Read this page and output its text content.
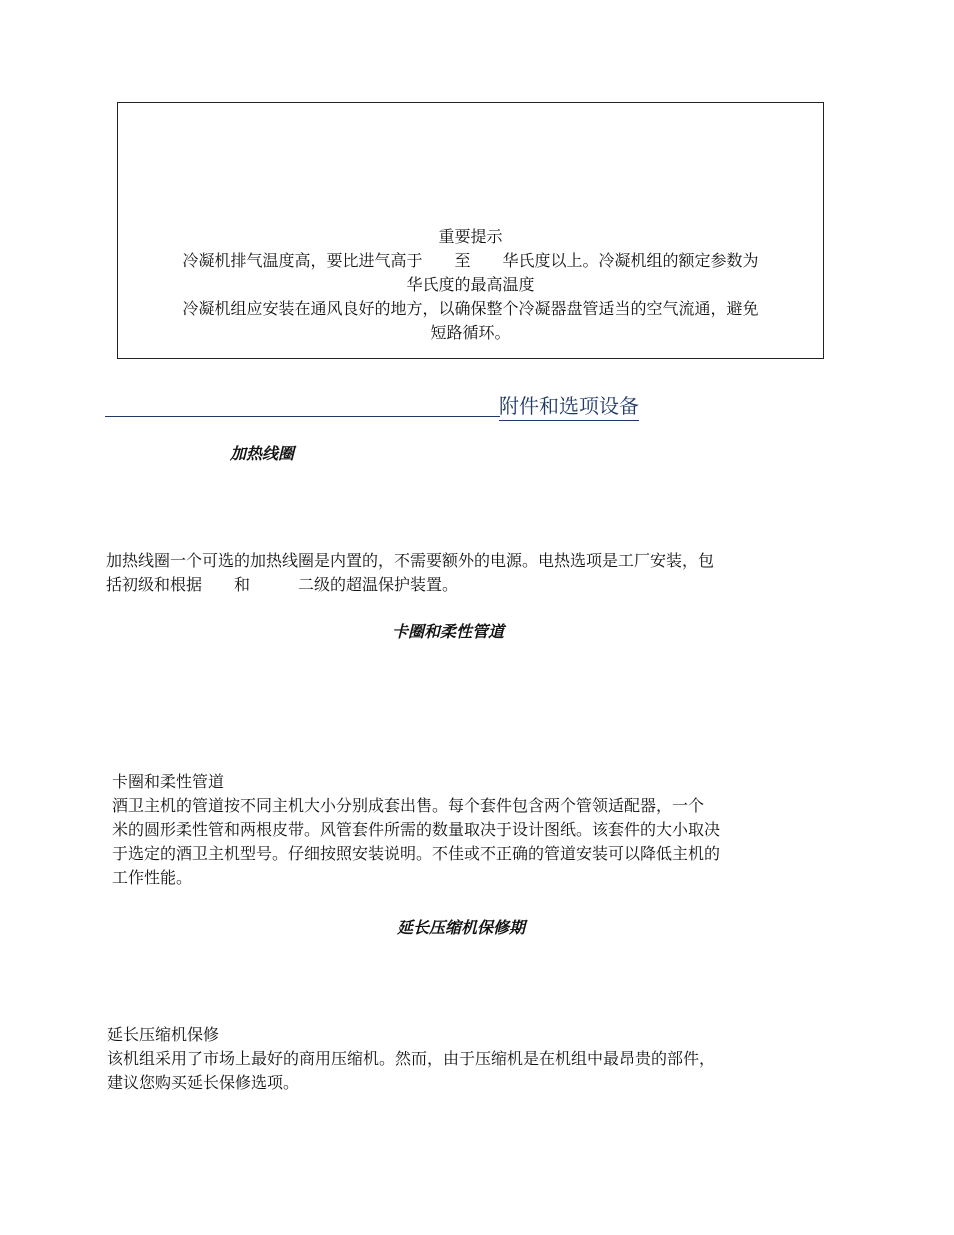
重要提示
冷凝机排气温度高，要比进气高于　　至　　华氏度以上。冷凝机组的额定参数为
华氏度的最高温度
冷凝机组应安装在通风良好的地方，以确保整个冷凝器盘管适当的空气流通，避免
短路循环。
附件和选项设备
加热线圈
加热线圈一个可选的加热线圈是内置的，不需要额外的电源。电热选项是工厂安装，包
括初级和根据　　和　　　二级的超温保护装置。
卡圈和柔性管道
卡圈和柔性管道
酒卫主机的管道按不同主机大小分别成套出售。每个套件包含两个管领适配器，一个
米的圆形柔性管和两根皮带。风管套件所需的数量取决于设计图纸。该套件的大小取决
于选定的酒卫主机型号。仔细按照安装说明。不佳或不正确的管道安装可以降低主机的
工作性能。
延长压缩机保修期
延长压缩机保修
该机组采用了市场上最好的商用压缩机。然而，由于压缩机是在机组中最昂贵的部件，
建议您购买延长保修选项。
